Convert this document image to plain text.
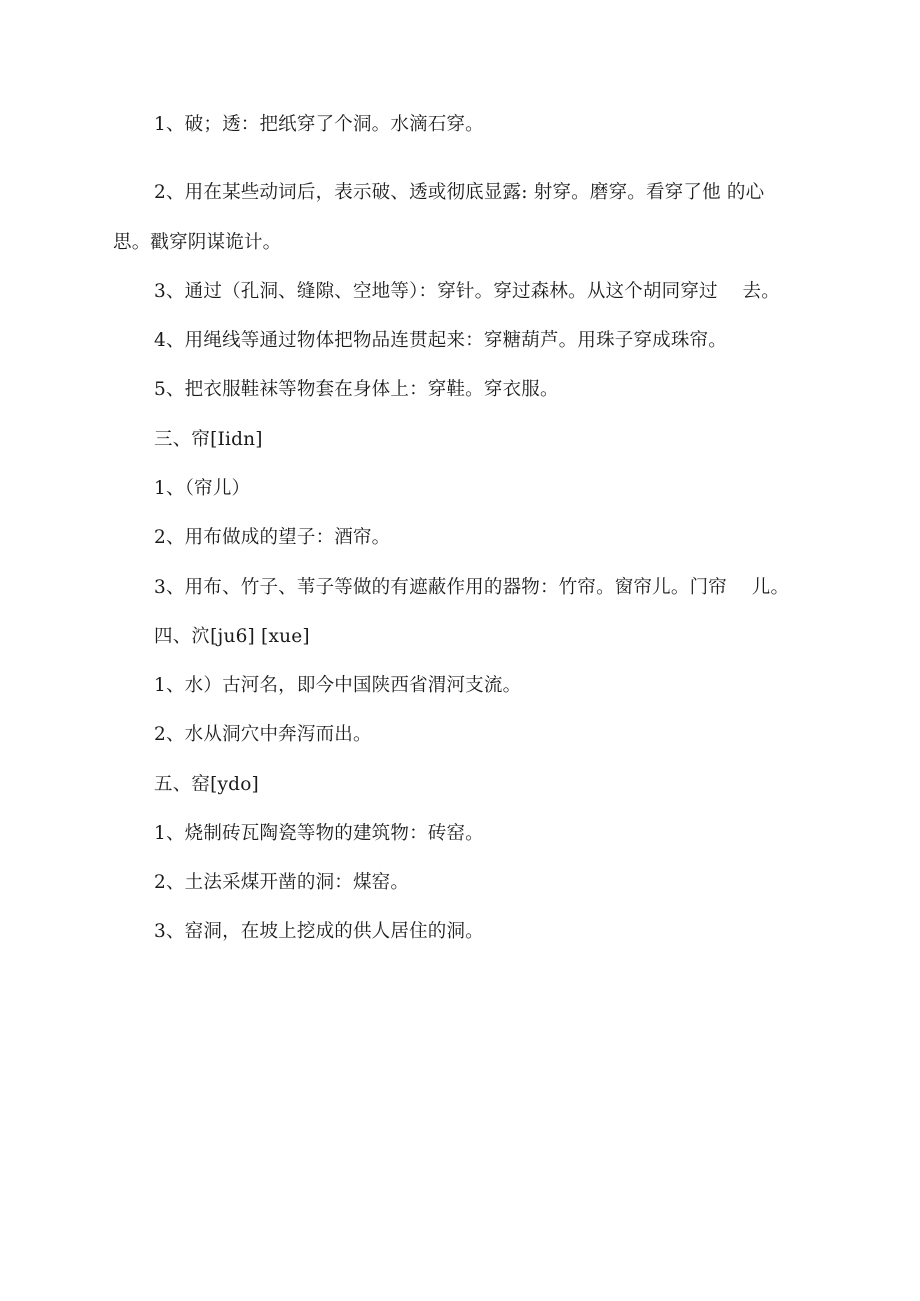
1、破；透：把纸穿了个洞。水滴石穿。
2、用在某些动词后，表示破、透或彻底显露: 射穿。磨穿。看穿了他 的心
思。戳穿阴谋诡计。
3、通过（孔洞、缝隙、空地等）：穿针。穿过森林。从这个胡同穿过　 去。
4、用绳线等通过物体把物品连贯起来：穿糖葫芦。用珠子穿成珠帘。
5、把衣服鞋袜等物套在身体上：穿鞋。穿衣服。
三、帘[Iidn]
1、（帘儿）
2、用布做成的望子：酒帘。
3、用布、竹子、苇子等做的有遮蔽作用的器物：竹帘。窗帘儿。门帘　 儿。
四、泬[ju6] [xue]
1、水）古河名，即今中国陕西省渭河支流。
2、水从洞穴中奔泻而出。
五、窑[ydo]
1、烧制砖瓦陶瓷等物的建筑物：砖窑。
2、土法采煤开凿的洞：煤窑。
3、窑洞，在坡上挖成的供人居住的洞。
